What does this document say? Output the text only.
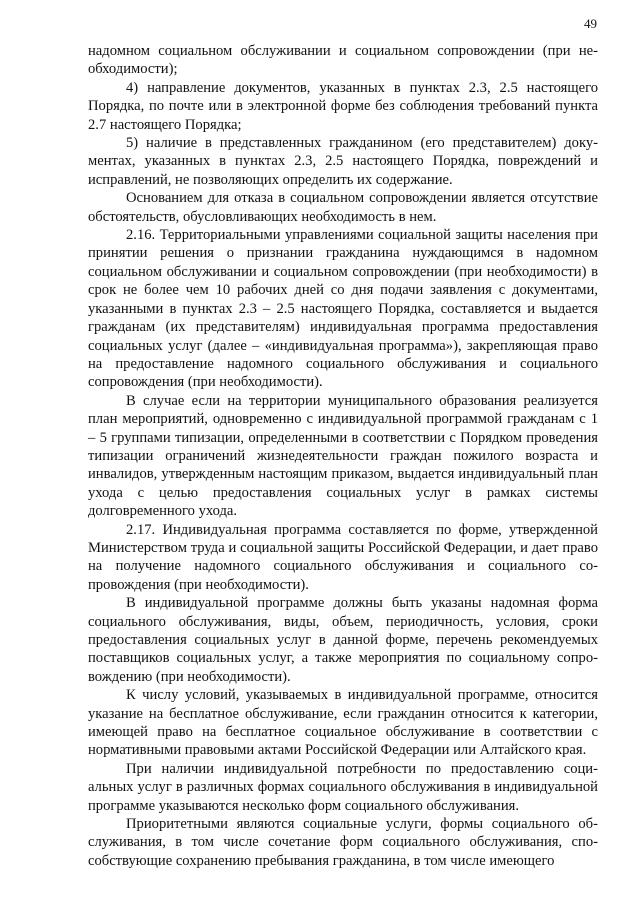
49

надомном социальном обслуживании и социальном сопровождении (при необходимости);

4) направление документов, указанных в пунктах 2.3, 2.5 настоящего Порядка, по почте или в электронной форме без соблюдения требований пункта 2.7 настоящего Порядка;

5) наличие в представленных гражданином (его представителем) документах, указанных в пунктах 2.3, 2.5 настоящего Порядка, повреждений и исправлений, не позволяющих определить их содержание.

Основанием для отказа в социальном сопровождении является отсутствие обстоятельств, обусловливающих необходимость в нем.

2.16. Территориальными управлениями социальной защиты населения при принятии решения о признании гражданина нуждающимся в надомном социальном обслуживании и социальном сопровождении (при необходимости) в срок не более чем 10 рабочих дней со дня подачи заявления с документами, указанными в пунктах 2.3 – 2.5 настоящего Порядка, составляется и выдается гражданам (их представителям) индивидуальная программа предоставления социальных услуг (далее – «индивидуальная программа»), закрепляющая право на предоставление надомного социального обслуживания и социального сопровождения (при необходимости).

В случае если на территории муниципального образования реализуется план мероприятий, одновременно с индивидуальной программой гражданам с 1 – 5 группами типизации, определенными в соответствии с Порядком проведения типизации ограничений жизнедеятельности граждан пожилого возраста и инвалидов, утвержденным настоящим приказом, выдается индивидуальный план ухода с целью предоставления социальных услуг в рамках системы долговременного ухода.

2.17. Индивидуальная программа составляется по форме, утвержденной Министерством труда и социальной защиты Российской Федерации, и дает право на получение надомного социального обслуживания и социального сопровождения (при необходимости).

В индивидуальной программе должны быть указаны надомная форма социального обслуживания, виды, объем, периодичность, условия, сроки предоставления социальных услуг в данной форме, перечень рекомендуемых поставщиков социальных услуг, а также мероприятия по социальному сопровождению (при необходимости).

К числу условий, указываемых в индивидуальной программе, относится указание на бесплатное обслуживание, если гражданин относится к категории, имеющей право на бесплатное социальное обслуживание в соответствии с нормативными правовыми актами Российской Федерации или Алтайского края.

При наличии индивидуальной потребности по предоставлению социальных услуг в различных формах социального обслуживания в индивидуальной программе указываются несколько форм социального обслуживания.

Приоритетными являются социальные услуги, формы социального обслуживания, в том числе сочетание форм социального обслуживания, способствующие сохранению пребывания гражданина, в том числе имеющего
